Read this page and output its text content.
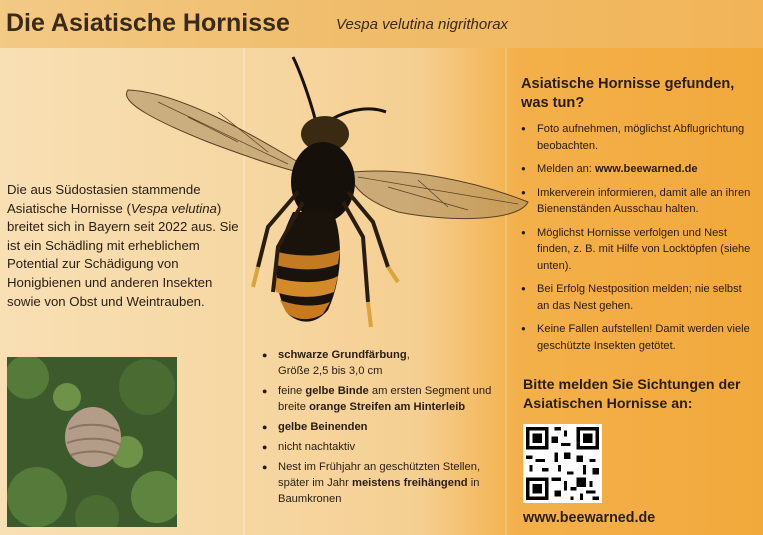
Die Asiatische Hornisse	Vespa velutina nigrithorax
Die aus Südostasien stammende Asiatische Hornisse (Vespa velutina) breitet sich in Bayern seit 2022 aus. Sie ist ein Schädling mit erheblichem Potential zur Schädigung von Honigbienen und anderen Insekten sowie von Obst und Weintrauben.
● schwarze Grundfärbung,
Größe 2,5 bis 3,0 cm
● feine gelbe Binde am ersten Segment und breite orange Streifen am Hinterleib
● gelbe Beinenden
● nicht nachtaktiv
● Nest im Frühjahr an geschützten Stellen, später im Jahr meistens freihängend in Baumkronen
Asiatische Hornisse gefunden, was tun?
● Foto aufnehmen, möglichst Abflugrichtung beobachten.
● Melden an: www.beewarned.de
● Imkerverein informieren, damit alle an ihren Bienenständen Ausschau halten.
● Möglichst Hornisse verfolgen und Nest finden, z. B. mit Hilfe von Locktöpfen (siehe unten).
● Bei Erfolg Nestposition melden; nie selbst an das Nest gehen.
● Keine Fallen aufstellen! Damit werden viele geschützte Insekten getötet.
Bitte melden Sie Sichtungen der Asiatischen Hornisse an:
www.beewarned.de
